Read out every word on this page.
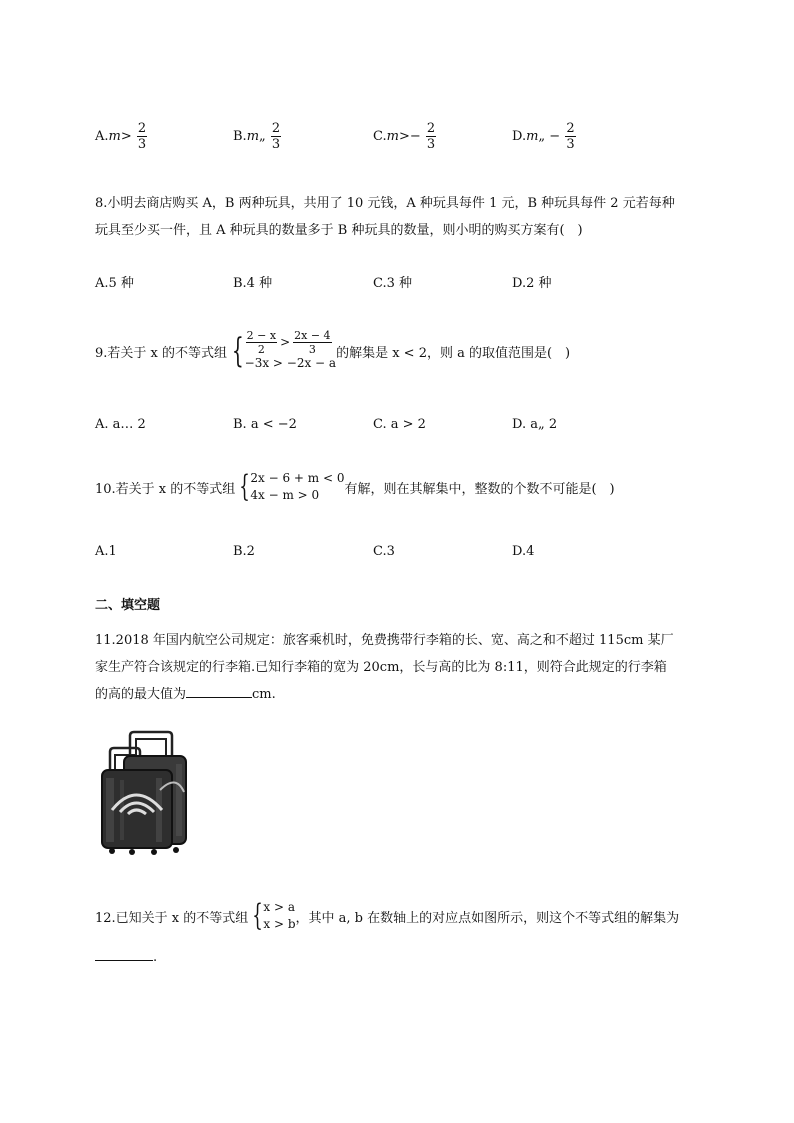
$A.m> \frac{2}{3}$	B.m„ $\frac{2}{3}$	$C.m>- \frac{2}{3}$	D.m„ − $\frac{2}{3}$
8.小明去商店购买 A，B 两种玩具，共用了 10 元钱，A 种玩具每件 1 元，B 种玩具每件 2 元若每种
玩具至少买一件，且 A 种玩具的数量多于 B 种玩具的数量，则小明的购买方案有(　)
A.5 种	B.4 种	C.3 种	D.2 种
9.若关于 x 的不等式组 { $\frac{2 - x}{2} > \frac{2x - 4}{3}$
−3x > −2x − a
的解集是 x < 2，则 a 的取值范围是(　)
A. a… 2	B. a < −2	C. a > 2	D. a„ 2
10.若关于 x 的不等式组 { 2x − 6 + m < 0
4x − m > 0	有解，则在其解集中，整数的个数不可能是(　)
A.1	B.2	C.3	D.4
二、填空题
11.2018 年国内航空公司规定：旅客乘机时，免费携带行李箱的长、宽、高之和不超过 115cm 某厂
家生产符合该规定的行李箱.已知行李箱的宽为 20cm，长与高的比为 8:11，则符合此规定的行李箱
的高的最大值为	cm.
12.已知关于 x 的不等式组 { x > a
x > b ，其中 a, b 在数轴上的对应点如图所示，则这个不等式组的解集为
.
